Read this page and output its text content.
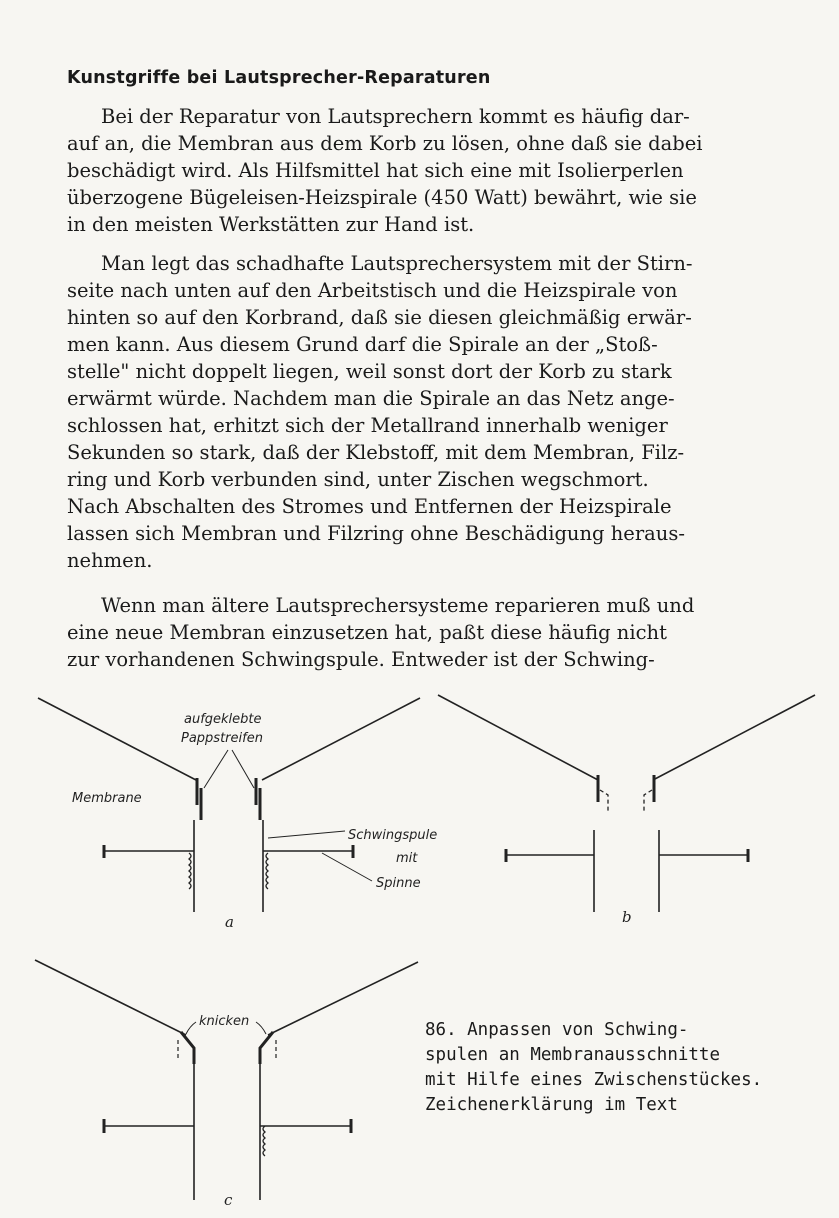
Kunstgriffe bei Lautsprecher-Reparaturen
Bei der Reparatur von Lautsprechern kommt es häufig dar-
auf an, die Membran aus dem Korb zu lösen, ohne daß sie dabei
beschädigt wird. Als Hilfsmittel hat sich eine mit Isolierperlen
überzogene Bügeleisen-Heizspirale (450 Watt) bewährt, wie sie
in den meisten Werkstätten zur Hand ist.
Man legt das schadhafte Lautsprechersystem mit der Stirn-
seite nach unten auf den Arbeitstisch und die Heizspirale von
hinten so auf den Korbrand, daß sie diesen gleichmäßig erwär-
men kann. Aus diesem Grund darf die Spirale an der „Stoß-
stelle" nicht doppelt liegen, weil sonst dort der Korb zu stark
erwärmt würde. Nachdem man die Spirale an das Netz ange-
schlossen hat, erhitzt sich der Metallrand innerhalb weniger
Sekunden so stark, daß der Klebstoff, mit dem Membran, Filz-
ring und Korb verbunden sind, unter Zischen wegschmort.
Nach Abschalten des Stromes und Entfernen der Heizspirale
lassen sich Membran und Filzring ohne Beschädigung heraus-
nehmen.
Wenn man ältere Lautsprechersysteme reparieren muß und
eine neue Membran einzusetzen hat, paßt diese häufig nicht
zur vorhandenen Schwingspule. Entweder ist der Schwing-
aufgeklebte
Pappstreifen
Membrane
Schwingspule
mit
Spinne
a	b
knicken
c
86. Anpassen von Schwing-
spulen an Membranausschnitte
mit Hilfe eines Zwischenstückes.
Zeichenerklärung im Text
